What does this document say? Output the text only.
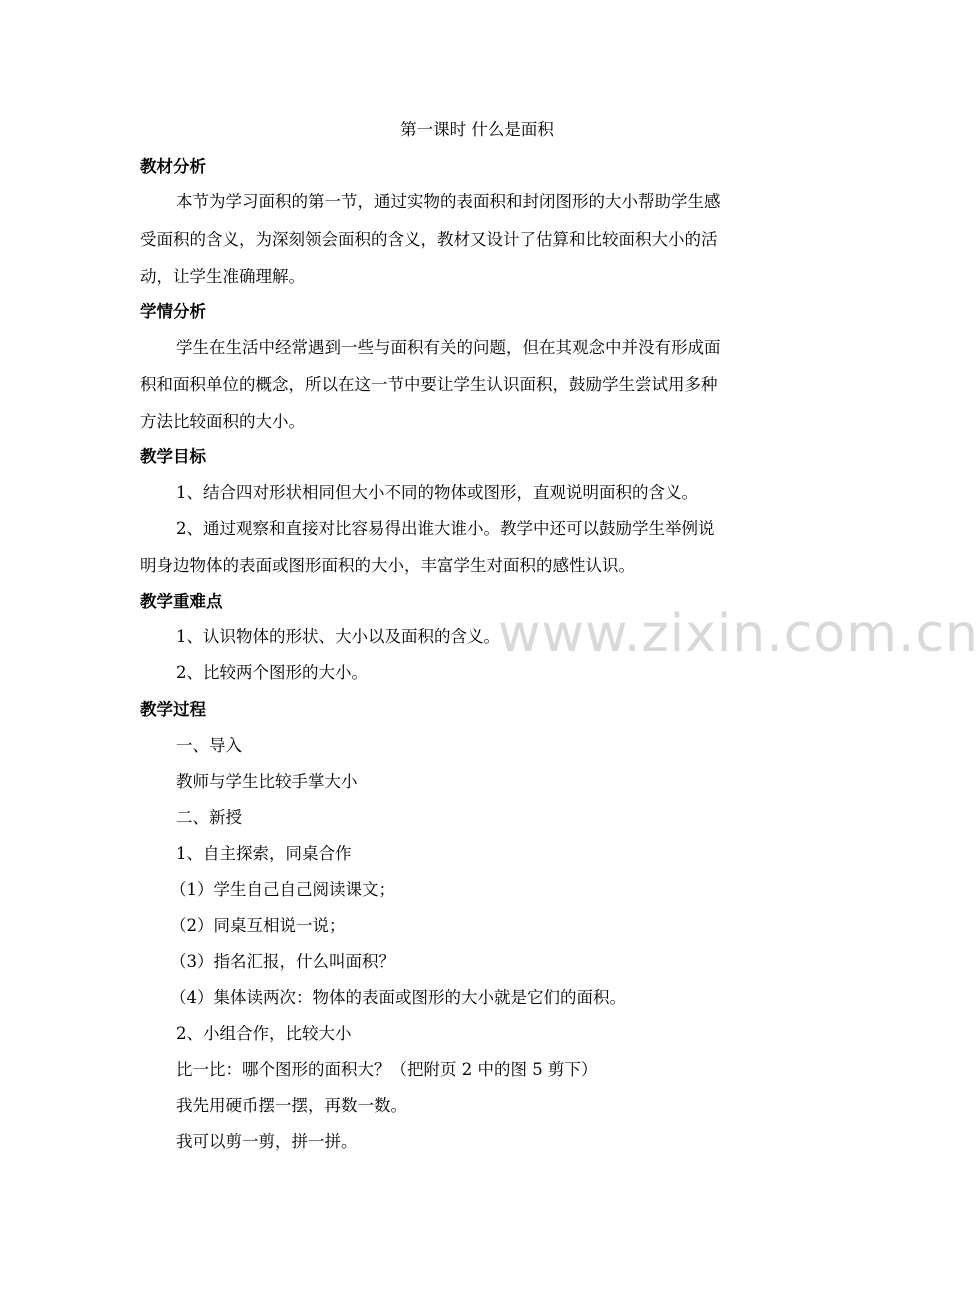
第一课时 什么是面积
教材分析
本节为学习面积的第一节，通过实物的表面积和封闭图形的大小帮助学生感
受面积的含义，为深刻领会面积的含义，教材又设计了估算和比较面积大小的活
动，让学生准确理解。
学情分析
学生在生活中经常遇到一些与面积有关的问题，但在其观念中并没有形成面
积和面积单位的概念，所以在这一节中要让学生认识面积，鼓励学生尝试用多种
方法比较面积的大小。
教学目标
1、结合四对形状相同但大小不同的物体或图形，直观说明面积的含义。
2、通过观察和直接对比容易得出谁大谁小。教学中还可以鼓励学生举例说
明身边物体的表面或图形面积的大小，丰富学生对面积的感性认识。
教学重难点
1、认识物体的形状、大小以及面积的含义。
2、比较两个图形的大小。
教学过程
一、导入
教师与学生比较手掌大小
二、新授
1、自主探索，同桌合作
（1）学生自己自己阅读课文；
（2）同桌互相说一说；
（3）指名汇报，什么叫面积？
（4）集体读两次：物体的表面或图形的大小就是它们的面积。
2、小组合作，比较大小
比一比：哪个图形的面积大？（把附页 2 中的图 5 剪下）
我先用硬币摆一摆，再数一数。
我可以剪一剪，拼一拼。
www.zixin.com.cn
